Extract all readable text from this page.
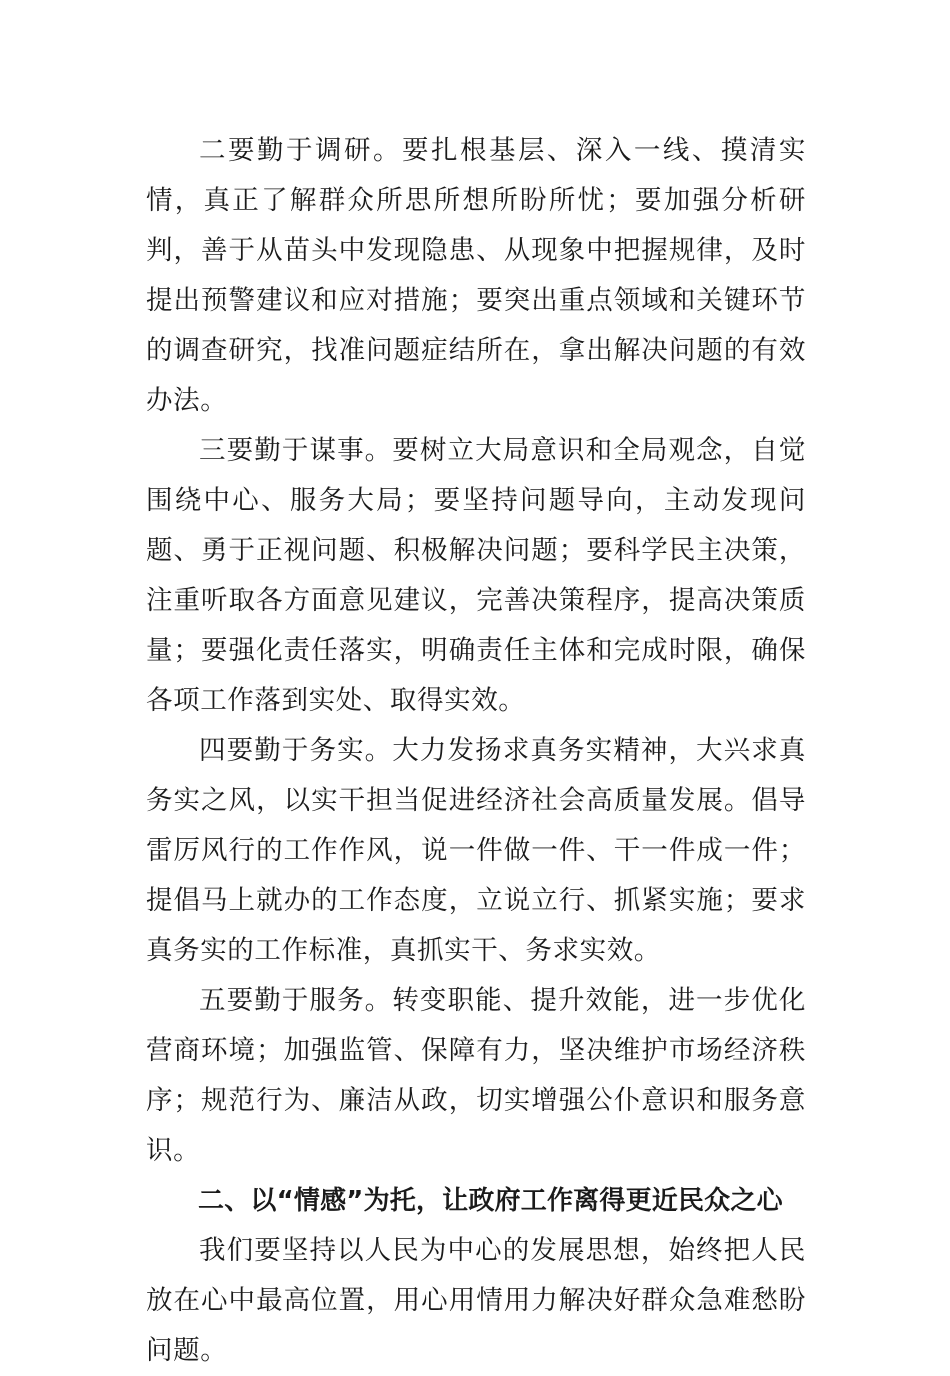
二要勤于调研。要扎根基层、深入一线、摸清实情，真正了解群众所思所想所盼所忧；要加强分析研判，善于从苗头中发现隐患、从现象中把握规律，及时提出预警建议和应对措施；要突出重点领域和关键环节的调查研究，找准问题症结所在，拿出解决问题的有效办法。

三要勤于谋事。要树立大局意识和全局观念，自觉围绕中心、服务大局；要坚持问题导向，主动发现问题、勇于正视问题、积极解决问题；要科学民主决策，注重听取各方面意见建议，完善决策程序，提高决策质量；要强化责任落实，明确责任主体和完成时限，确保各项工作落到实处、取得实效。

四要勤于务实。大力发扬求真务实精神，大兴求真务实之风，以实干担当促进经济社会高质量发展。倡导雷厉风行的工作作风，说一件做一件、干一件成一件；提倡马上就办的工作态度，立说立行、抓紧实施；要求真务实的工作标准，真抓实干、务求实效。

五要勤于服务。转变职能、提升效能，进一步优化营商环境；加强监管、保障有力，坚决维护市场经济秩序；规范行为、廉洁从政，切实增强公仆意识和服务意识。

二、以“情感”为托，让政府工作离得更近民众之心

我们要坚持以人民为中心的发展思想，始终把人民放在心中最高位置，用心用情用力解决好群众急难愁盼问题。
